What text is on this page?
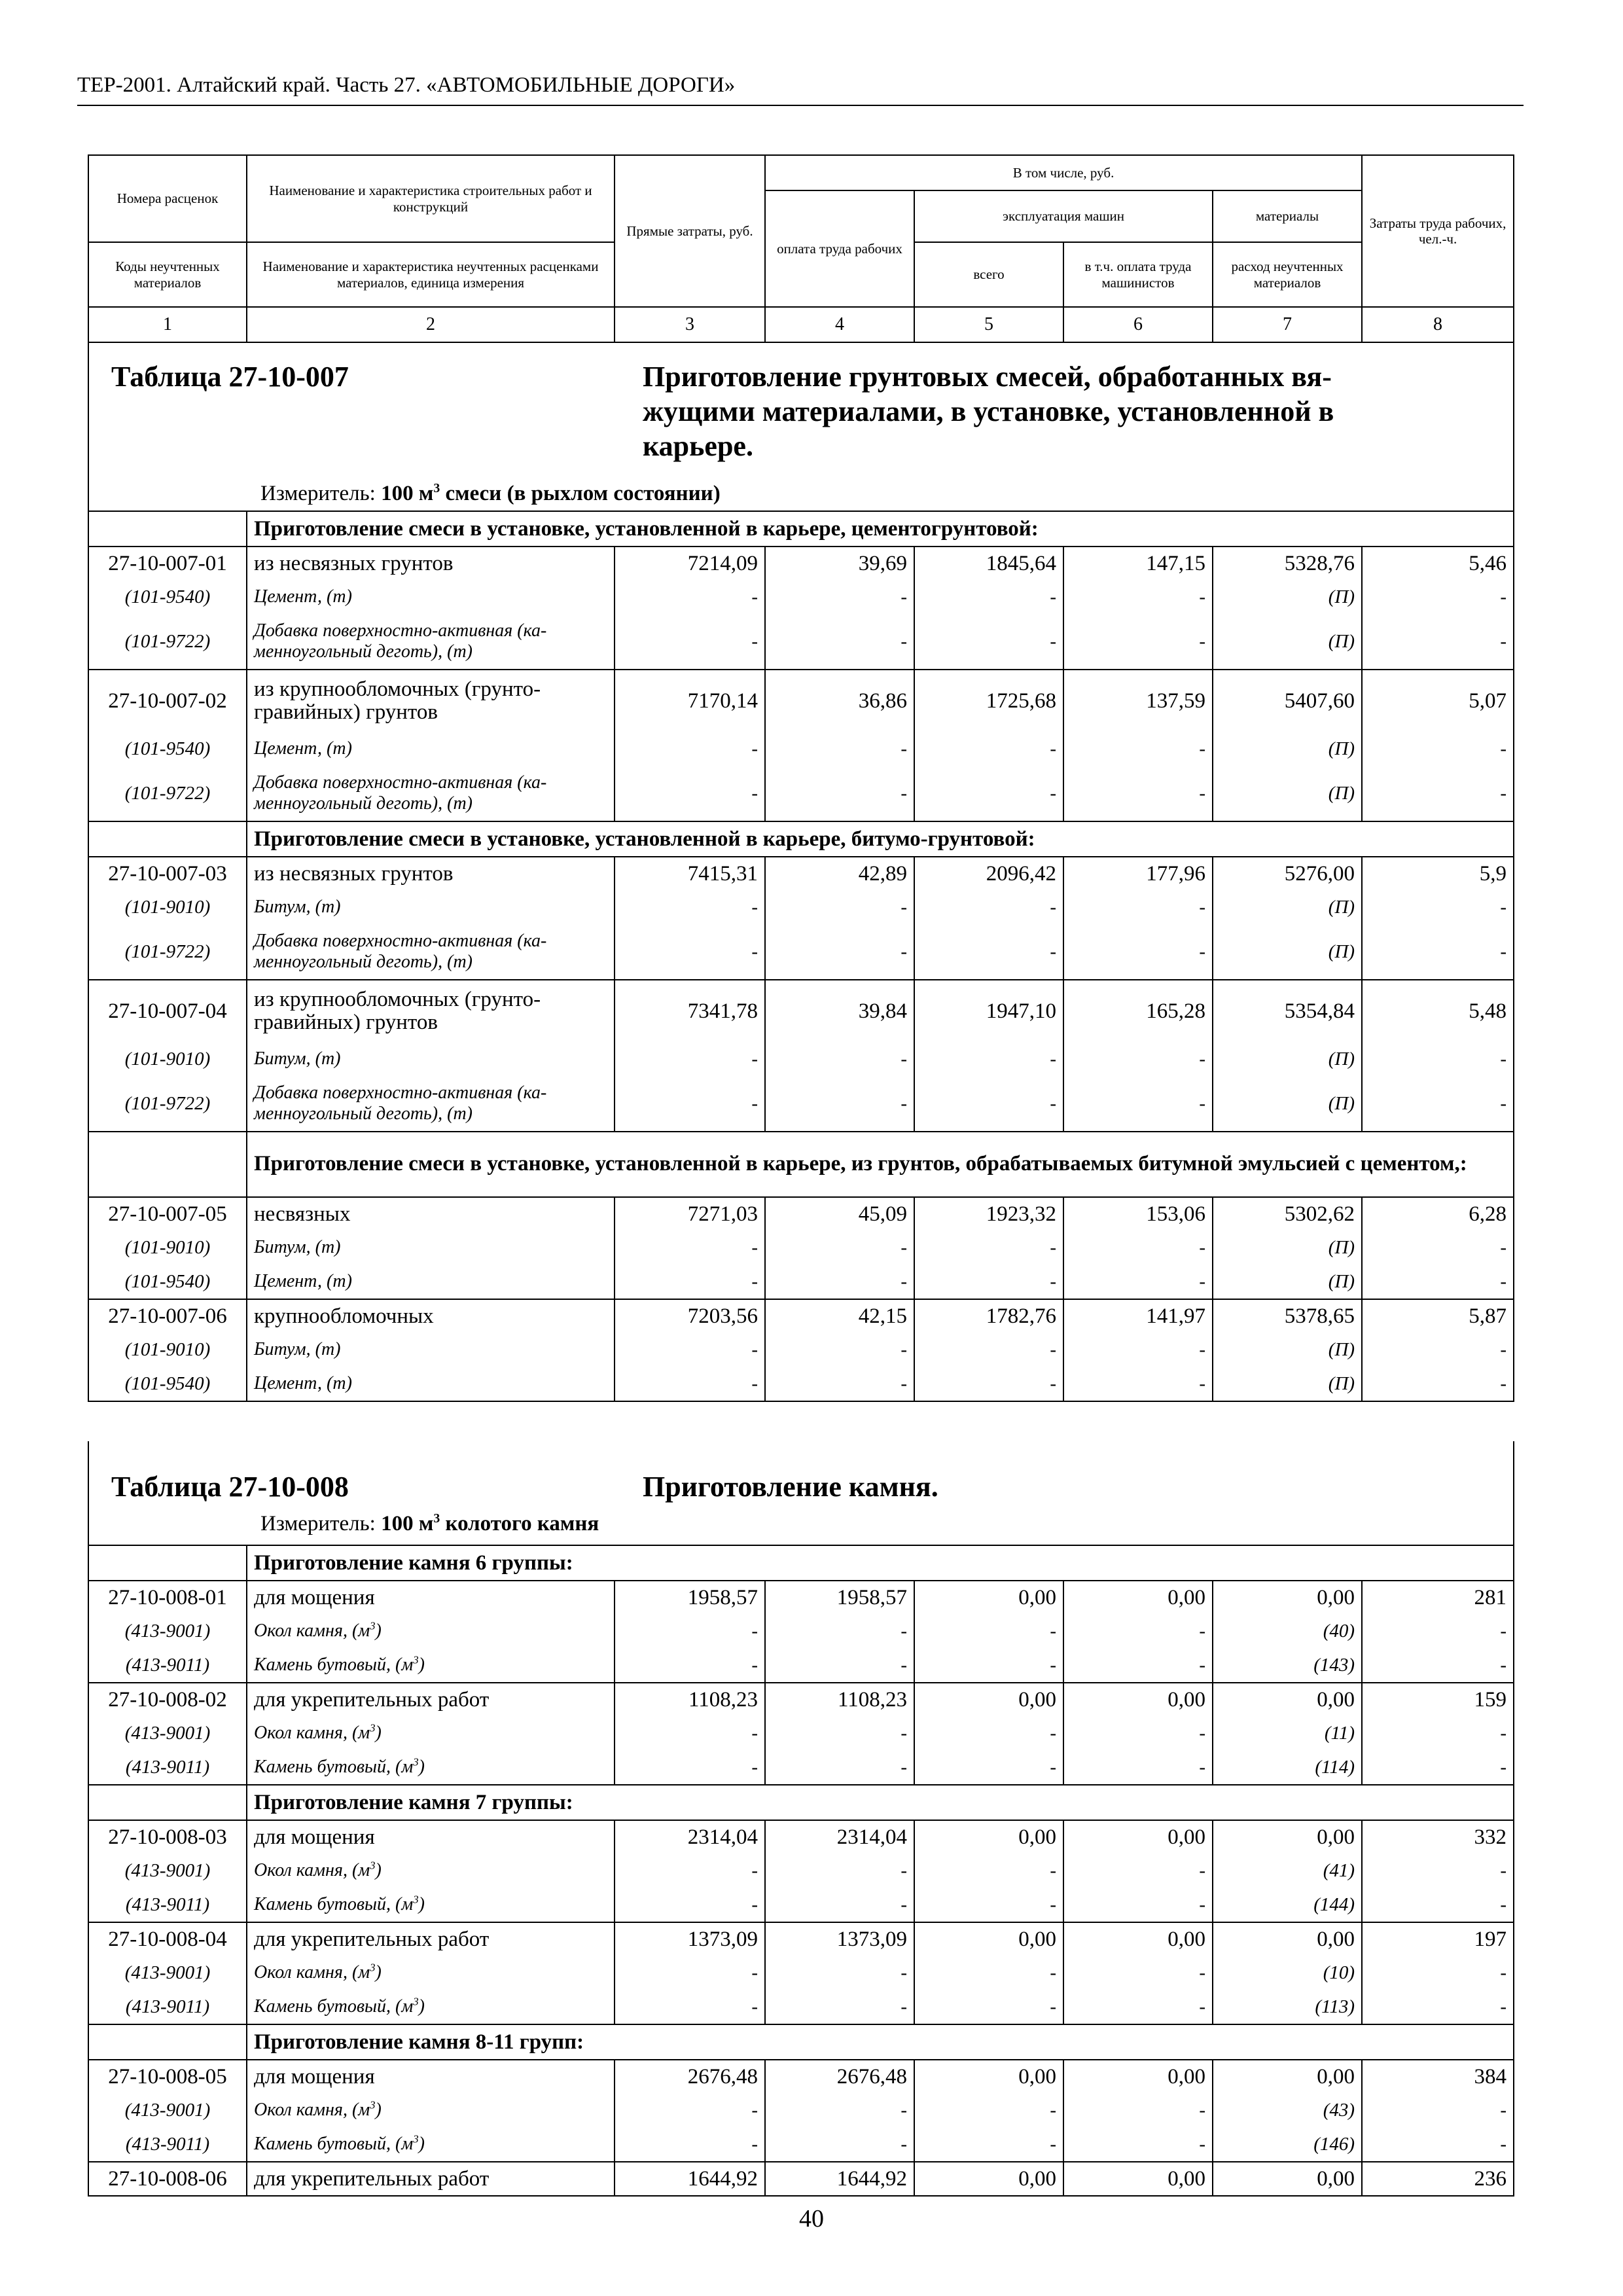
ТЕР-2001. Алтайский край. Часть 27. «АВТОМОБИЛЬНЫЕ ДОРОГИ»
Номера расценок	Наименование и характеристика строительных работ и конструкций	Прямые затраты, руб.	В том числе, руб.				Затраты труда рабочих, чел.-ч.
			оплата труда рабочих	эксплуатация машин		материалы	
Коды неучтенных материалов	Наименование и характеристика неучтенных расценками материалов, единица измерения			всего	в т.ч. оплата труда машинистов	расход неучтенных материалов	
1	2	3	4	5	6	7	8

Таблица 27-10-007 Приготовление грунтовых смесей, обработанных вя-
жущими материалами, в установке, установленной в
карьере.
Измеритель: 100 $м^3$ смеси (в рыхлом состоянии)							

	Приготовление смеси в установке, установленной в карьере, цементогрунтовой:						
27-10-007-01	из несвязных грунтов	7214,09	39,69	1845,64	147,15	5328,76	5,46
(101-9540)	Цемент, (т)	-	-	-	-	(П)	-
(101-9722)	Добавка поверхностно-активная (ка-менноугольный деготь), (т)	-	-	-	-	(П)	-
27-10-007-02	из крупнообломочных (грунто-гравийных) грунтов	7170,14	36,86	1725,68	137,59	5407,60	5,07
(101-9540)	Цемент, (т)	-	-	-	-	(П)	-
(101-9722)	Добавка поверхностно-активная (ка-менноугольный деготь), (т)	-	-	-	-	(П)	-
	Приготовление смеси в установке, установленной в карьере, битумо-грунтовой:						
27-10-007-03	из несвязных грунтов	7415,31	42,89	2096,42	177,96	5276,00	5,9
(101-9010)	Битум, (т)	-	-	-	-	(П)	-
(101-9722)	Добавка поверхностно-активная (ка-менноугольный деготь), (т)	-	-	-	-	(П)	-
27-10-007-04	из крупнообломочных (грунто-гравийных) грунтов	7341,78	39,84	1947,10	165,28	5354,84	5,48
(101-9010)	Битум, (т)	-	-	-	-	(П)	-
(101-9722)	Добавка поверхностно-активная (ка-менноугольный деготь), (т)	-	-	-	-	(П)	-
	Приготовление смеси в установке, установленной в карьере, из грунтов, обрабатываемых битумной эмульсией с цементом,:						
27-10-007-05	несвязных	7271,03	45,09	1923,32	153,06	5302,62	6,28
(101-9010)	Битум, (т)	-	-	-	-	(П)	-
(101-9540)	Цемент, (т)	-	-	-	-	(П)	-
27-10-007-06	крупнообломочных	7203,56	42,15	1782,76	141,97	5378,65	5,87
(101-9010)	Битум, (т)	-	-	-	-	(П)	-
(101-9540)	Цемент, (т)	-	-	-	-	(П)	-

Таблица 27-10-008 Приготовление камня.
Измеритель: 100 $м^3$ колотого камня							

	Приготовление камня 6 группы:						
27-10-008-01	для мощения	1958,57	1958,57	0,00	0,00	0,00	281
(413-9001)	Окол камня, $(м^3)$	-	-	-	-	(40)	-
(413-9011)	Камень бутовый, $(м^3)$	-	-	-	-	(143)	-
27-10-008-02	для укрепительных работ	1108,23	1108,23	0,00	0,00	0,00	159
(413-9001)	Окол камня, $(м^3)$	-	-	-	-	(11)	-
(413-9011)	Камень бутовый, $(м^3)$	-	-	-	-	(114)	-
	Приготовление камня 7 группы:						
27-10-008-03	для мощения	2314,04	2314,04	0,00	0,00	0,00	332
(413-9001)	Окол камня, $(м^3)$	-	-	-	-	(41)	-
(413-9011)	Камень бутовый, $(м^3)$	-	-	-	-	(144)	-
27-10-008-04	для укрепительных работ	1373,09	1373,09	0,00	0,00	0,00	197
(413-9001)	Окол камня, $(м^3)$	-	-	-	-	(10)	-
(413-9011)	Камень бутовый, $(м^3)$	-	-	-	-	(113)	-
	Приготовление камня 8-11 групп:						
27-10-008-05	для мощения	2676,48	2676,48	0,00	0,00	0,00	384
(413-9001)	Окол камня, $(м^3)$	-	-	-	-	(43)	-
(413-9011)	Камень бутовый, $(м^3)$	-	-	-	-	(146)	-
27-10-008-06	для укрепительных работ	1644,92	1644,92	0,00	0,00	0,00	236
40
